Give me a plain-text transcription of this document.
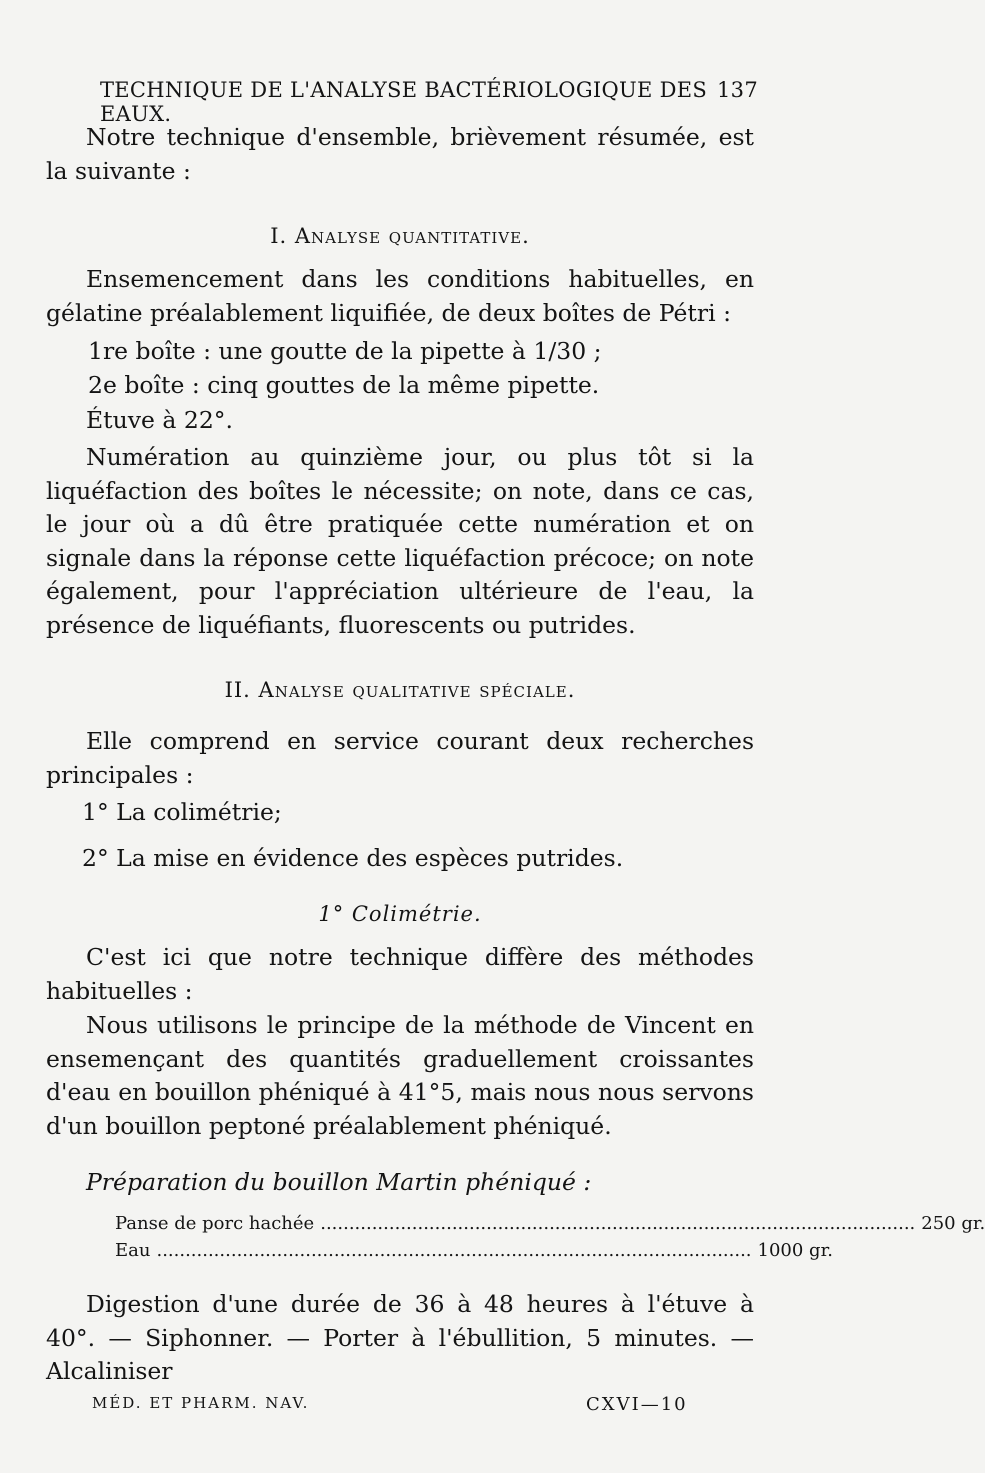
TECHNIQUE DE L'ANALYSE BACTÉRIOLOGIQUE DES EAUX.
137

Notre technique d'ensemble, brièvement résumée, est la suivante :

I. Analyse quantitative.

Ensemencement dans les conditions habituelles, en gélatine préalablement liquifiée, de deux boîtes de Pétri :

1re boîte : une goutte de la pipette à 1/30 ;
2e boîte : cinq gouttes de la même pipette.
Étuve à 22°.

Numération au quinzième jour, ou plus tôt si la liquéfaction des boîtes le nécessite; on note, dans ce cas, le jour où a dû être pratiquée cette numération et on signale dans la réponse cette liquéfaction précoce; on note également, pour l'appréciation ultérieure de l'eau, la présence de liquéfiants, fluorescents ou putrides.

II. Analyse qualitative spéciale.

Elle comprend en service courant deux recherches principales :

1° La colimétrie;
2° La mise en évidence des espèces putrides.
1° Colimétrie.

C'est ici que notre technique diffère des méthodes habituelles :

Nous utilisons le principe de la méthode de Vincent en ensemençant des quantités graduellement croissantes d'eau en bouillon phéniqué à 41°5, mais nous nous servons d'un bouillon peptoné préalablement phéniqué.

Préparation du bouillon Martin phéniqué :
Panse de porc hachée ........................................................................................................ 250 gr.
Eau ........................................................................................................ 1000 gr.

Digestion d'une durée de 36 à 48 heures à l'étuve à 40°. — Siphonner. — Porter à l'ébullition, 5 minutes. — Alcaliniser

MÉD. ET PHARM. NAV.	CXVI—10
